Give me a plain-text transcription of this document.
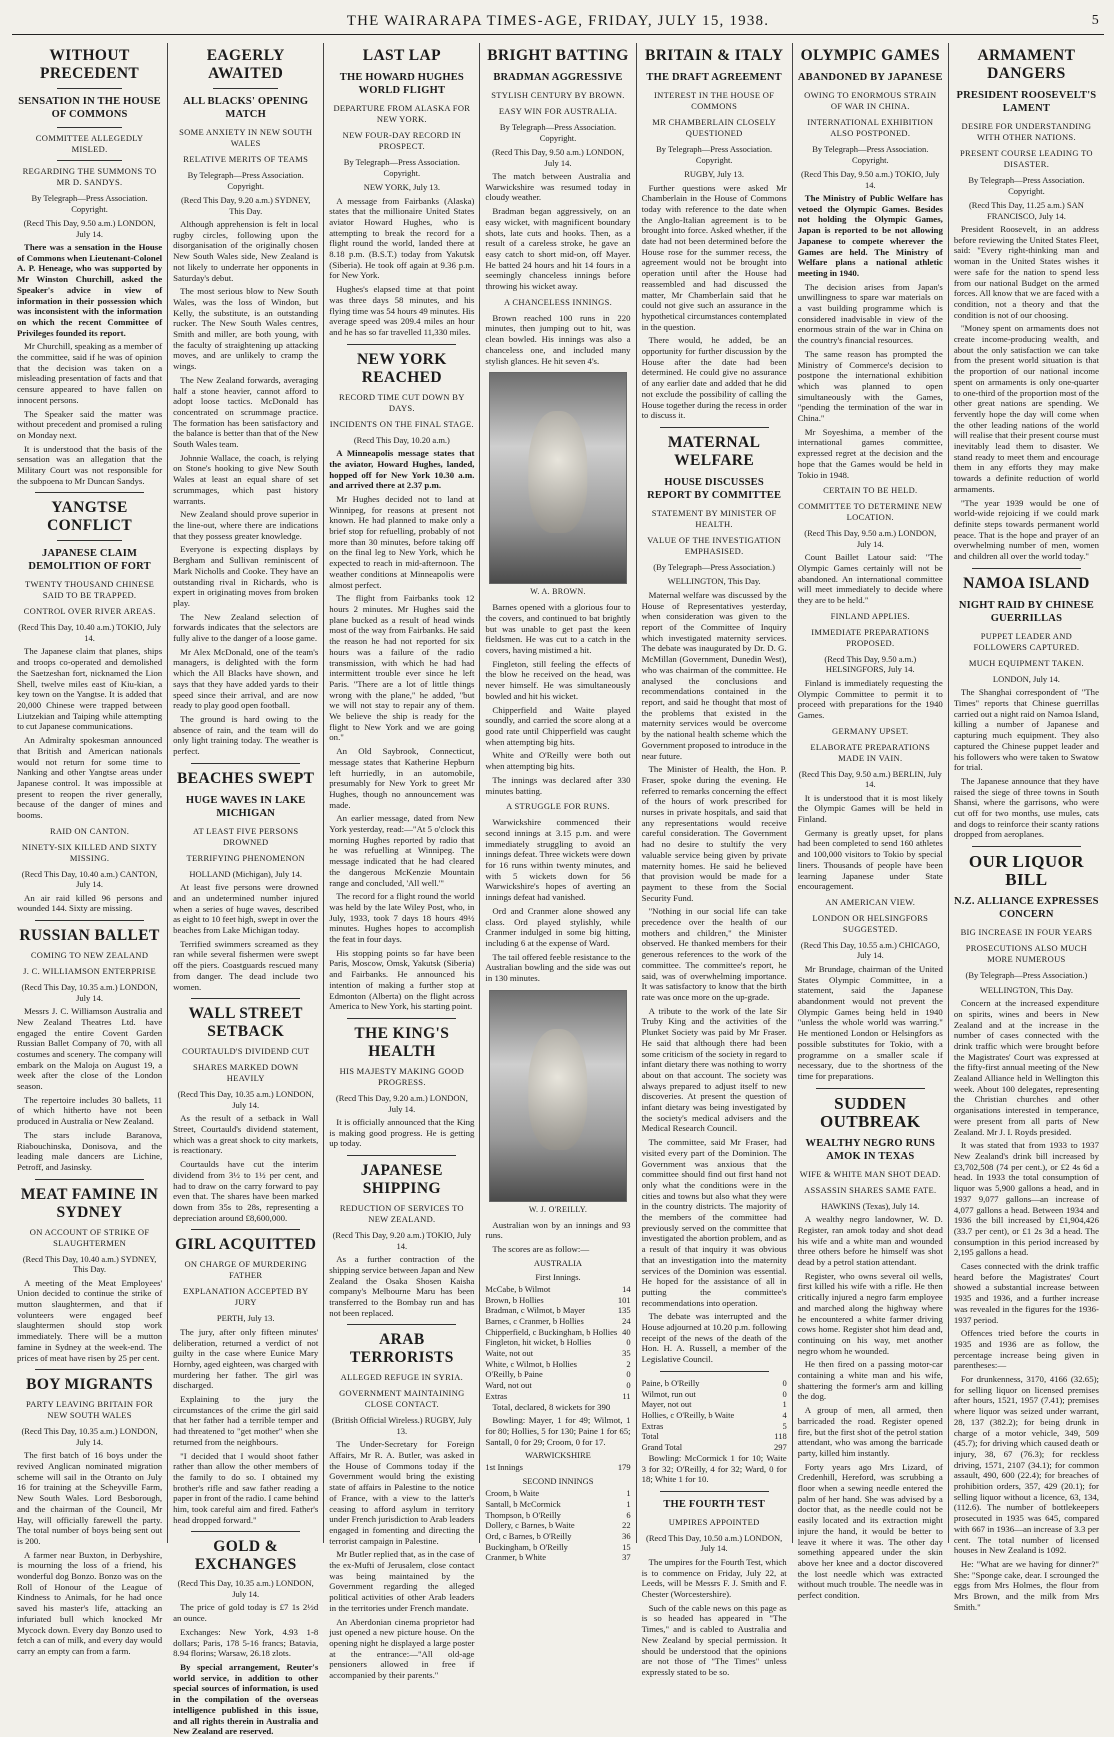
THE WAIRARAPA TIMES-AGE, FRIDAY, JULY 15, 1938.	5
WITHOUT PRECEDENT
SENSATION IN THE HOUSE OF COMMONS
COMMITTEE ALLEGEDLY MISLED.
REGARDING THE SUMMONS TO MR D. SANDYS.
By Telegraph—Press Association. Copyright.
(Recd This Day, 9.50 a.m.) LONDON, July 14.

There was a sensation in the House of Commons when Lieutenant-Colonel A. P. Heneage, who was supported by Mr Winston Churchill, asked the Speaker's advice in view of information in their possession which was inconsistent with the information on which the recent Committee of Privileges founded its report.

Mr Churchill, speaking as a member of the committee, said if he was of opinion that the decision was taken on a misleading presentation of facts and that censure appeared to have fallen on innocent persons.

The Speaker said the matter was without precedent and promised a ruling on Monday next.

It is understood that the basis of the sensation was an allegation that the Military Court was not responsible for the subpoena to Mr Duncan Sandys.

YANGTSE CONFLICT
JAPANESE CLAIM DEMOLITION OF FORT
TWENTY THOUSAND CHINESE SAID TO BE TRAPPED.
CONTROL OVER RIVER AREAS.
(Recd This Day, 10.40 a.m.) TOKIO, July 14.

The Japanese claim that planes, ships and troops co-operated and demolished the Saetzeshan fort, nicknamed the Lion Shell, twelve miles east of Kiu-kian, a key town on the Yangtse. It is added that 20,000 Chinese were trapped between Liutzekian and Taiping while attempting to cut Japanese communications.

An Admiralty spokesman announced that British and American nationals would not return for some time to Nanking and other Yangtse areas under Japanese control. It was impossible at present to reopen the river generally, because of the danger of mines and booms.

RAID ON CANTON.
NINETY-SIX KILLED AND SIXTY MISSING.
(Recd This Day, 10.40 a.m.) CANTON, July 14.

An air raid killed 96 persons and wounded 144. Sixty are missing.

RUSSIAN BALLET
COMING TO NEW ZEALAND
J. C. WILLIAMSON ENTERPRISE
(Recd This Day, 10.35 a.m.) LONDON, July 14.

Messrs J. C. Williamson Australia and New Zealand Theatres Ltd. have engaged the entire Covent Garden Russian Ballet Company of 70, with all costumes and scenery. The company will embark on the Maloja on August 19, a week after the close of the London season.

The repertoire includes 30 ballets, 11 of which hitherto have not been produced in Australia or New Zealand.

The stars include Baranova, Riabouchinska, Donisova, and the leading male dancers are Lichine, Petroff, and Jasinsky.

MEAT FAMINE IN SYDNEY
ON ACCOUNT OF STRIKE OF SLAUGHTERMEN
(Recd This Day, 10.40 a.m.) SYDNEY, This Day.

A meeting of the Meat Employees' Union decided to continue the strike of mutton slaughtermen, and that if volunteers were engaged beef slaughtermen should stop work immediately. There will be a mutton famine in Sydney at the week-end. The prices of meat have risen by 25 per cent.

BOY MIGRANTS
PARTY LEAVING BRITAIN FOR NEW SOUTH WALES
(Recd This Day, 10.35 a.m.) LONDON, July 14.

The first batch of 16 boys under the revived Anglican nominated migration scheme will sail in the Otranto on July 16 for training at the Scheyville Farm, New South Wales. Lord Besborough, and the chairman of the Council, Mr Hay, will officially farewell the party. The total number of boys being sent out is 200.

A farmer near Buxton, in Derbyshire, is mourning the loss of a friend, his wonderful dog Bonzo. Bonzo was on the Roll of Honour of the League of Kindness to Animals, for he had once saved his master's life, attacking an infuriated bull which knocked Mr Mycock down. Every day Bonzo used to fetch a can of milk, and every day would carry an empty can from a farm.

EAGERLY AWAITED
ALL BLACKS' OPENING MATCH
SOME ANXIETY IN NEW SOUTH WALES
RELATIVE MERITS OF TEAMS
By Telegraph—Press Association. Copyright.
(Recd This Day, 9.20 a.m.) SYDNEY, This Day.

Although apprehension is felt in local rugby circles, following upon the disorganisation of the originally chosen New South Wales side, New Zealand is not likely to underrate her opponents in Saturday's debut.

The most serious blow to New South Wales, was the loss of Windon, but Kelly, the substitute, is an outstanding rucker. The New South Wales centres, Smith and miller, are both young, with the faculty of straightening up attacking moves, and are unlikely to cramp the wings.

The New Zealand forwards, averaging half a stone heavier, cannot afford to adopt loose tactics. McDonald has concentrated on scrummage practice. The formation has been satisfactory and the balance is better than that of the New South Wales team.

Johnnie Wallace, the coach, is relying on Stone's hooking to give New South Wales at least an equal share of set scrummages, which past history warrants.

New Zealand should prove superior in the line-out, where there are indications that they possess greater knowledge.

Everyone is expecting displays by Bergham and Sullivan reminiscent of Mark Nicholls and Cooke. They have an outstanding rival in Richards, who is expert in originating moves from broken play.

The New Zealand selection of forwards indicates that the selectors are fully alive to the danger of a loose game.

Mr Alex McDonald, one of the team's managers, is delighted with the form which the All Blacks have shown, and says that they have added yards to their speed since their arrival, and are now ready to play good open football.

The ground is hard owing to the absence of rain, and the team will do only light training today. The weather is perfect.

BEACHES SWEPT
HUGE WAVES IN LAKE MICHIGAN
AT LEAST FIVE PERSONS DROWNED
TERRIFYING PHENOMENON
HOLLAND (Michigan), July 14.

At least five persons were drowned and an undetermined number injured when a series of huge waves, described as eight to 10 feet high, swept in over the beaches from Lake Michigan today.

Terrified swimmers screamed as they ran while several fishermen were swept off the piers. Coastguards rescued many from danger. The dead include two women.

WALL STREET SETBACK
COURTAULD'S DIVIDEND CUT
SHARES MARKED DOWN HEAVILY
(Recd This Day, 10.35 a.m.) LONDON, July 14.

As the result of a setback in Wall Street, Courtauld's dividend statement, which was a great shock to city markets, is reactionary.

Courtaulds have cut the interim dividend from 3½ to 1½ per cent, and had to draw on the carry forward to pay even that. The shares have been marked down from 35s to 28s, representing a depreciation around £8,600,000.

GIRL ACQUITTED
ON CHARGE OF MURDERING FATHER
EXPLANATION ACCEPTED BY JURY
PERTH, July 13.

The jury, after only fifteen minutes' deliberation, returned a verdict of not guilty in the case where Eunice Mary Hornby, aged eighteen, was charged with murdering her father. The girl was discharged.

Explaining to the jury the circumstances of the crime the girl said that her father had a terrible temper and had threatened to "get mother" when she returned from the neighbours.

"I decided that I would shoot father rather than allow the other members of the family to do so. I obtained my brother's rifle and saw father reading a paper in front of the radio. I came behind him, took careful aim and fired. Father's head dropped forward."

GOLD & EXCHANGES
(Recd This Day, 10.35 a.m.) LONDON, July 14.

The price of gold today is £7 1s 2½d an ounce.

Exchanges: New York, 4.93 1-8 dollars; Paris, 178 5-16 francs; Batavia, 8.94 florins; Warsaw, 26.18 zlots.

By special arrangement, Reuter's world service, in addition to other special sources of information, is used in the compilation of the overseas intelligence published in this issue, and all rights therein in Australia and New Zealand are reserved.

LAST LAP
THE HOWARD HUGHES WORLD FLIGHT
DEPARTURE FROM ALASKA FOR NEW YORK.
NEW FOUR-DAY RECORD IN PROSPECT.
By Telegraph—Press Association. Copyright.
NEW YORK, July 13.

A message from Fairbanks (Alaska) states that the millionaire United States aviator Howard Hughes, who is attempting to break the record for a flight round the world, landed there at 8.18 p.m. (B.S.T.) today from Yakutsk (Siberia). He took off again at 9.36 p.m. for New York.

Hughes's elapsed time at that point was three days 58 minutes, and his flying time was 54 hours 49 minutes. His average speed was 209.4 miles an hour and he has so far travelled 11,330 miles.

NEW YORK REACHED
RECORD TIME CUT DOWN BY DAYS.
INCIDENTS ON THE FINAL STAGE.
(Recd This Day, 10.20 a.m.)

A Minneapolis message states that the aviator, Howard Hughes, landed, hopped off for New York 10.30 a.m. and arrived there at 2.37 p.m.

Mr Hughes decided not to land at Winnipeg, for reasons at present not known. He had planned to make only a brief stop for refuelling, probably of not more than 30 minutes, before taking off on the final leg to New York, which he expected to reach in mid-afternoon. The weather conditions at Minneapolis were almost perfect.

The flight from Fairbanks took 12 hours 2 minutes. Mr Hughes said the plane bucked as a result of head winds most of the way from Fairbanks. He said the reason he had not reported for six hours was a failure of the radio transmission, with which he had had intermittent trouble ever since he left Paris. "There are a lot of little things wrong with the plane," he added, "but we will not stay to repair any of them. We believe the ship is ready for the flight to New York and we are going on."

An Old Saybrook, Connecticut, message states that Katherine Hepburn left hurriedly, in an automobile, presumably for New York to greet Mr Hughes, though no announcement was made.

An earlier message, dated from New York yesterday, read:—"At 5 o'clock this morning Hughes reported by radio that he was refuelling at Winnipeg. The message indicated that he had cleared the dangerous McKenzie Mountain range and concluded, 'All well.'"

The record for a flight round the world was held by the late Wiley Post, who, in July, 1933, took 7 days 18 hours 49½ minutes. Hughes hopes to accomplish the feat in four days.

His stopping points so far have been Paris, Moscow, Omsk, Yakutsk (Siberia) and Fairbanks. He announced his intention of making a further stop at Edmonton (Alberta) on the flight across America to New York, his starting point.

THE KING'S HEALTH
HIS MAJESTY MAKING GOOD PROGRESS.
(Recd This Day, 9.20 a.m.) LONDON, July 14.

It is officially announced that the King is making good progress. He is getting up today.

JAPANESE SHIPPING
REDUCTION OF SERVICES TO NEW ZEALAND.
(Recd This Day, 9.20 a.m.) TOKIO, July 14.

As a further contraction of the shipping service between Japan and New Zealand the Osaka Shosen Kaisha company's Melbourne Maru has been transferred to the Bombay run and has not been replaced.

ARAB TERRORISTS
ALLEGED REFUGE IN SYRIA.
GOVERNMENT MAINTAINING CLOSE CONTACT.
(British Official Wireless.) RUGBY, July 13.

The Under-Secretary for Foreign Affairs, Mr R. A. Butler, was asked in the House of Commons today if the Government would bring the existing state of affairs in Palestine to the notice of France, with a view to the latter's ceasing to afford asylum in territory under French jurisdiction to Arab leaders engaged in fomenting and directing the terrorist campaign in Palestine.

Mr Butler replied that, as in the case of the ex-Mufti of Jerusalem, close contact was being maintained by the Government regarding the alleged political activities of other Arab leaders in the territories under French mandate.

An Aberdonian cinema proprietor had just opened a new picture house. On the opening night he displayed a large poster at the entrance:—"All old-age pensioners allowed in free if accompanied by their parents."

BRIGHT BATTING
BRADMAN AGGRESSIVE
STYLISH CENTURY BY BROWN.
EASY WIN FOR AUSTRALIA.
By Telegraph—Press Association. Copyright.
(Recd This Day, 9.50 a.m.) LONDON, July 14.

The match between Australia and Warwickshire was resumed today in cloudy weather.

Bradman began aggressively, on an easy wicket, with magnificent boundary shots, late cuts and hooks. Then, as a result of a careless stroke, he gave an easy catch to short mid-on, off Mayer. He batted 24 hours and hit 14 fours in a seemingly chanceless innings before throwing his wicket away.

A CHANCELESS INNINGS.

Brown reached 100 runs in 220 minutes, then jumping out to hit, was clean bowled. His innings was also a chanceless one, and included many stylish glances. He hit seven 4's.

W. A. BROWN.

Barnes opened with a glorious four to the covers, and continued to bat brightly but was unable to get past the keen fieldsmen. He was cut to a catch in the covers, having mistimed a hit.

Fingleton, still feeling the effects of the blow he received on the head, was never himself. He was simultaneously bowled and hit his wicket.

Chipperfield and Waite played soundly, and carried the score along at a good rate until Chipperfield was caught when attempting big hits.

White and O'Reilly were both out when attempting big hits.

The innings was declared after 330 minutes batting.

A STRUGGLE FOR RUNS.

Warwickshire commenced their second innings at 3.15 p.m. and were immediately struggling to avoid an innings defeat. Three wickets were down for 16 runs within twenty minutes, and with 5 wickets down for 56 Warwickshire's hopes of averting an innings defeat had vanished.

Ord and Cranmer alone showed any class. Ord played stylishly, while Cranmer indulged in some big hitting, including 6 at the expense of Ward.

The tail offered feeble resistance to the Australian bowling and the side was out in 130 minutes.

W. J. O'REILLY.

Australian won by an innings and 93 runs.

The scores are as follow:—

AUSTRALIA
First Innings.
McCabe, b Wilmot	14
Brown, b Hollies	101
Bradman, c Wilmot, b Mayer	135
Barnes, c Cranmer, b Hollies	24
Chipperfield, c Buckingham, b Hollies 40
Fingleton, hit wicket, b Hollies	0
Waite, not out	35
White, c Wilmot, b Hollies	2
O'Reilly, b Paine	0
Ward, not out	0
Extras	11

Total, declared, 8 wickets for 390

Bowling: Mayer, 1 for 49; Wilmot, 1 for 80; Hollies, 5 for 130; Paine 1 for 65; Santall, 0 for 29; Croom, 0 for 17.

WARWICKSHIRE
1st Innings	179
SECOND INNINGS
Croom, b Waite	1
Santall, b McCormick	1
Thompson, b O'Reilly	6
Dollery, c Barnes, b Waite	22
Ord, c Barnes, b O'Reilly	36
Buckingham, b O'Reilly	15
Cranmer, b White	37
BRITAIN & ITALY
THE DRAFT AGREEMENT
INTEREST IN THE HOUSE OF COMMONS
MR CHAMBERLAIN CLOSELY QUESTIONED
By Telegraph—Press Association. Copyright.
RUGBY, July 13.

Further questions were asked Mr Chamberlain in the House of Commons today with reference to the date when the Anglo-Italian agreement is to be brought into force. Asked whether, if the date had not been determined before the House rose for the summer recess, the agreement would not be brought into operation until after the House had reassembled and had discussed the matter, Mr Chamberlain said that he could not give such an assurance in the hypothetical circumstances contemplated in the question.

There would, he added, be an opportunity for further discussion by the House after the date had been determined. He could give no assurance of any earlier date and added that he did not exclude the possibility of calling the House together during the recess in order to discuss it.

MATERNAL WELFARE
HOUSE DISCUSSES REPORT BY COMMITTEE
STATEMENT BY MINISTER OF HEALTH.
VALUE OF THE INVESTIGATION EMPHASISED.
(By Telegraph—Press Association.)
WELLINGTON, This Day.

Maternal welfare was discussed by the House of Representatives yesterday, when consideration was given to the report of the Committee of Inquiry which investigated maternity services. The debate was inaugurated by Dr. D. G. McMillan (Government, Dunedin West), who was chairman of the committee. He analysed the conclusions and recommendations contained in the report, and said he thought that most of the problems that existed in the maternity services would be overcome by the national health scheme which the Government proposed to introduce in the near future.

The Minister of Health, the Hon. P. Fraser, spoke during the evening. He referred to remarks concerning the effect of the hours of work prescribed for nurses in private hospitals, and said that any representations would receive careful consideration. The Government had no desire to stultify the very valuable service being given by private maternity homes. He said he believed that provision would be made for a payment to these from the Social Security Fund.

"Nothing in our social life can take precedence over the health of our mothers and children," the Minister observed. He thanked members for their generous references to the work of the committee. The committee's report, he said, was of overwhelming importance. It was satisfactory to know that the birth rate was once more on the up-grade.

A tribute to the work of the late Sir Truby King and the activities of the Plunket Society was paid by Mr Fraser. He said that although there had been some criticism of the society in regard to infant dietary there was nothing to worry about on that account. The society was always prepared to adjust itself to new discoveries. At present the question of infant dietary was being investigated by the society's medical advisers and the Medical Research Council.

The committee, said Mr Fraser, had visited every part of the Dominion. The Government was anxious that the committee should find out first hand not only what the conditions were in the cities and towns but also what they were in the country districts. The majority of the members of the committee had previously served on the committee that investigated the abortion problem, and as a result of that inquiry it was obvious that an investigation into the maternity services of the Dominion was essential. He hoped for the assistance of all in putting the committee's recommendations into operation.

The debate was interrupted and the House adjourned at 10.20 p.m. following receipt of the news of the death of the Hon. H. A. Russell, a member of the Legislative Council.

Paine, b O'Reilly	0
Wilmot, run out	0
Mayer, not out	1
Hollies, c O'Reilly, b Waite	4
Extras	5
Total	118
Grand Total	297

Bowling: McCormick 1 for 10; Waite 3 for 32; O'Reilly, 4 for 32; Ward, 0 for 18; White 1 for 10.

THE FOURTH TEST
UMPIRES APPOINTED
(Recd This Day, 10.50 a.m.) LONDON, July 14.

The umpires for the Fourth Test, which is to commence on Friday, July 22, at Leeds, will be Messrs F. J. Smith and F. Chester (Worcestershire).

Such of the cable news on this page as is so headed has appeared in "The Times," and is cabled to Australia and New Zealand by special permission. It should be understood that the opinions are not those of "The Times" unless expressly stated to be so.

OLYMPIC GAMES
ABANDONED BY JAPANESE
OWING TO ENORMOUS STRAIN OF WAR IN CHINA.
INTERNATIONAL EXHIBITION ALSO POSTPONED.
By Telegraph—Press Association. Copyright.
(Recd This Day, 9.50 a.m.) TOKIO, July 14.

The Ministry of Public Welfare has vetoed the Olympic Games. Besides not holding the Olympic Games, Japan is reported to be not allowing Japanese to compete wherever the Games are held. The Ministry of Welfare plans a national athletic meeting in 1940.

The decision arises from Japan's unwillingness to spare war materials on a vast building programme which is considered inadvisable in view of the enormous strain of the war in China on the country's financial resources.

The same reason has prompted the Ministry of Commerce's decision to postpone the international exhibition which was planned to open simultaneously with the Games, "pending the termination of the war in China."

Mr Soyeshima, a member of the international games committee, expressed regret at the decision and the hope that the Games would be held in Tokio in 1948.

CERTAIN TO BE HELD.
COMMITTEE TO DETERMINE NEW LOCATION.
(Recd This Day, 9.50 a.m.) LONDON, July 14.

Count Baillet Latour said: "The Olympic Games certainly will not be abandoned. An international committee will meet immediately to decide where they are to be held."

FINLAND APPLIES.
IMMEDIATE PREPARATIONS PROPOSED.
(Recd This Day, 9.50 a.m.) HELSINGFORS, July 14.

Finland is immediately requesting the Olympic Committee to permit it to proceed with preparations for the 1940 Games.

GERMANY UPSET.
ELABORATE PREPARATIONS MADE IN VAIN.
(Recd This Day, 9.50 a.m.) BERLIN, July 14.

It is understood that it is most likely the Olympic Games will be held in Finland.

Germany is greatly upset, for plans had been completed to send 160 athletes and 100,000 visitors to Tokio by special liners. Thousands of people have been learning Japanese under State encouragement.

AN AMERICAN VIEW.
LONDON OR HELSINGFORS SUGGESTED.
(Recd This Day, 10.55 a.m.) CHICAGO, July 14.

Mr Brundage, chairman of the United States Olympic Committee, in a statement, said the Japanese abandonment would not prevent the Olympic Games being held in 1940 "unless the whole world was warring." He mentioned London or Helsingfors as possible substitutes for Tokio, with a programme on a smaller scale if necessary, due to the shortness of the time for preparations.

SUDDEN OUTBREAK
WEALTHY NEGRO RUNS AMOK IN TEXAS
WIFE & WHITE MAN SHOT DEAD.
ASSASSIN SHARES SAME FATE.
HAWKINS (Texas), July 14.

A wealthy negro landowner, W. D. Register, ran amok today and shot dead his wife and a white man and wounded three others before he himself was shot dead by a petrol station attendant.

Register, who owns several oil wells, first killed his wife with a rifle. He then critically injured a negro farm employee and marched along the highway where he encountered a white farmer driving cows home. Register shot him dead and, continuing on his way, met another negro whom he wounded.

He then fired on a passing motor-car containing a white man and his wife, shattering the former's arm and killing the dog.

A group of men, all armed, then barricaded the road. Register opened fire, but the first shot of the petrol station attendant, who was among the barricade party, killed him instantly.

Forty years ago Mrs Lizard, of Credenhill, Hereford, was scrubbing a floor when a sewing needle entered the palm of her hand. She was advised by a doctor that, as the needle could not be easily located and its extraction might injure the hand, it would be better to leave it where it was. The other day something appeared under the skin above her knee and a doctor discovered the lost needle which was extracted without much trouble. The needle was in perfect condition.

ARMAMENT DANGERS
PRESIDENT ROOSEVELT'S LAMENT
DESIRE FOR UNDERSTANDING WITH OTHER NATIONS.
PRESENT COURSE LEADING TO DISASTER.
By Telegraph—Press Association. Copyright.
(Recd This Day, 11.25 a.m.) SAN FRANCISCO, July 14.

President Roosevelt, in an address before reviewing the United States Fleet, said: "Every right-thinking man and woman in the United States wishes it were safe for the nation to spend less from our national Budget on the armed forces. All know that we are faced with a condition, not a theory and that the condition is not of our choosing.

"Money spent on armaments does not create income-producing wealth, and about the only satisfaction we can take from the present world situation is that the proportion of our national income spent on armaments is only one-quarter to one-third of the proportion most of the other great nations are spending. We fervently hope the day will come when the other leading nations of the world will realise that their present course must inevitably lead them to disaster. We stand ready to meet them and encourage them in any efforts they may make towards a definite reduction of world armaments.

"The year 1939 would be one of world-wide rejoicing if we could mark definite steps towards permanent world peace. That is the hope and prayer of an overwhelming number of men, women and children all over the world today."

NAMOA ISLAND
NIGHT RAID BY CHINESE GUERRILLAS
PUPPET LEADER AND FOLLOWERS CAPTURED.
MUCH EQUIPMENT TAKEN.
LONDON, July 14.

The Shanghai correspondent of "The Times" reports that Chinese guerrillas carried out a night raid on Namoa Island, killing a number of Japanese and capturing much equipment. They also captured the Chinese puppet leader and his followers who were taken to Swatow for trial.

The Japanese announce that they have raised the siege of three towns in South Shansi, where the garrisons, who were cut off for two months, use mules, cats and dogs to reinforce their scanty rations dropped from aeroplanes.

OUR LIQUOR BILL
N.Z. ALLIANCE EXPRESSES CONCERN
BIG INCREASE IN FOUR YEARS
PROSECUTIONS ALSO MUCH MORE NUMEROUS
(By Telegraph—Press Association.)
WELLINGTON, This Day.

Concern at the increased expenditure on spirits, wines and beers in New Zealand and at the increase in the number of cases connected with the drink traffic which were brought before the Magistrates' Court was expressed at the fifty-first annual meeting of the New Zealand Alliance held in Wellington this week. About 100 delegates, representing the Christian churches and other organisations interested in temperance, were present from all parts of New Zealand. Mr J. I. Royds presided.

It was stated that from 1933 to 1937 New Zealand's drink bill increased by £3,702,508 (74 per cent.), or £2 4s 6d a head. In 1933 the total consumption of liquor was 5,900 gallons a head, and in 1937 9,077 gallons—an increase of 4,077 gallons a head. Between 1934 and 1936 the bill increased by £1,904,426 (33.7 per cent), or £1 2s 3d a head. The consumption in this period increased by 2,195 gallons a head.

Cases connected with the drink traffic heard before the Magistrates' Court showed a substantial increase between 1935 and 1936, and a further increase was revealed in the figures for the 1936-1937 period.

Offences tried before the courts in 1935 and 1936 are as follow, the percentage increase being given in parentheses:—

For drunkenness, 3170, 4166 (32.65); for selling liquor on licensed premises after hours, 1521, 1957 (7.41); premises where liquor was seized under warrant, 28, 137 (382.2); for being drunk in charge of a motor vehicle, 349, 509 (45.7); for driving which caused death or injury, 38, 67 (76.3); for reckless driving, 1571, 2107 (34.1); for common assault, 490, 600 (22.4); for breaches of prohibition orders, 357, 429 (20.1); for selling liquor without a licence, 63, 134, (112.6). The number of bottlekeepers prosecuted in 1935 was 645, compared with 667 in 1936—an increase of 3.3 per cent. The total number of licensed houses in New Zealand is 1092.

He: "What are we having for dinner?" She: "Sponge cake, dear. I scrounged the eggs from Mrs Holmes, the flour from Mrs Brown, and the milk from Mrs Smith."
